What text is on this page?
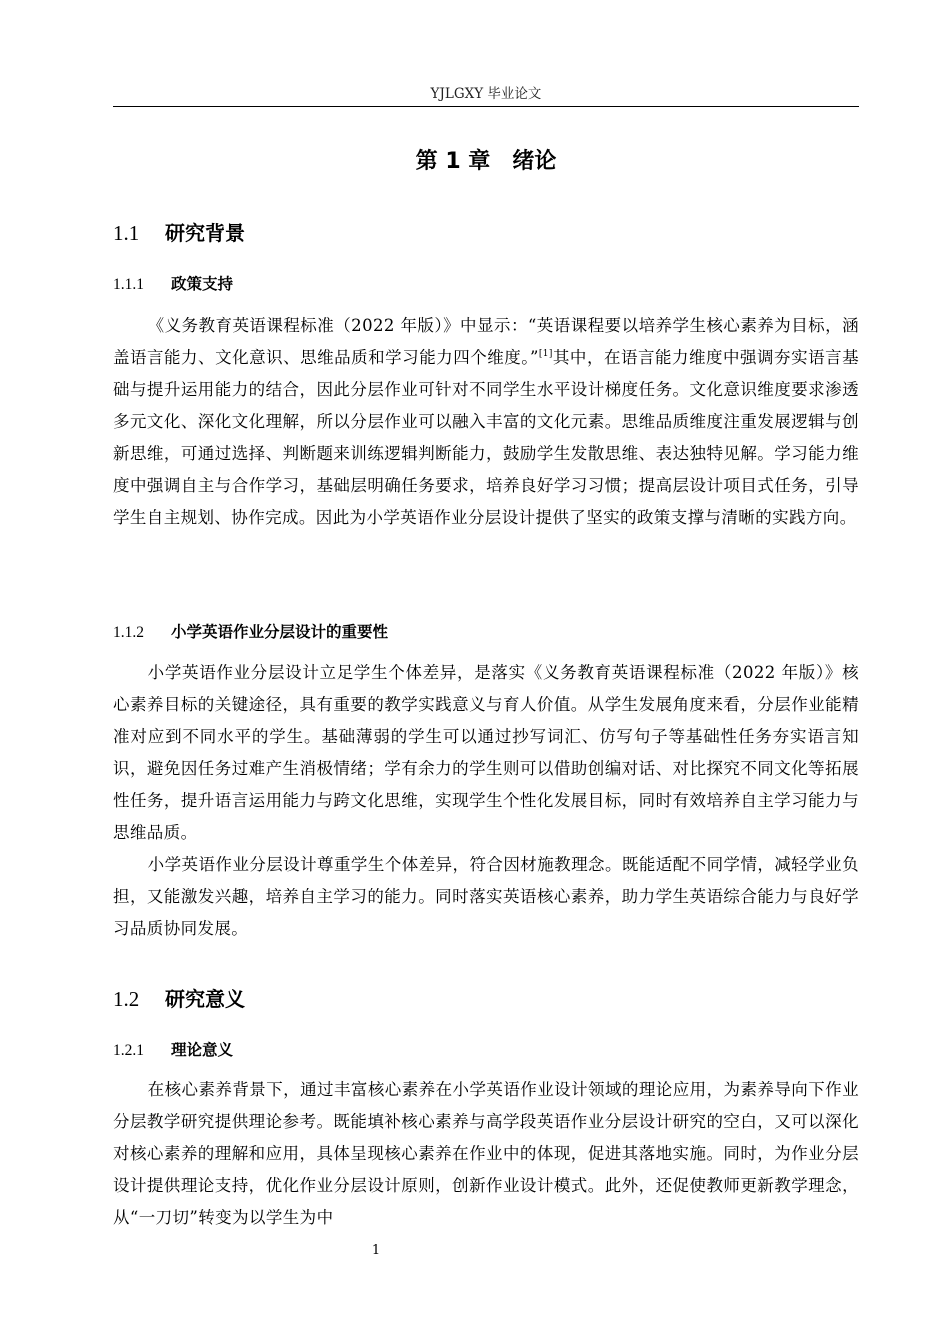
YJLGXY 毕业论文
第 1 章 绪论
1.1 研究背景
1.1.1 政策支持

《义务教育英语课程标准（2022 年版）》中显示：“英语课程要以培养学生核心素养为目标，涵盖语言能力、文化意识、思维品质和学习能力四个维度。”[1]其中，在语言能力维度中强调夯实语言基础与提升运用能力的结合，因此分层作业可针对不同学生水平设计梯度任务。文化意识维度要求渗透多元文化、深化文化理解，所以分层作业可以融入丰富的文化元素。思维品质维度注重发展逻辑与创新思维，可通过选择、判断题来训练逻辑判断能力，鼓励学生发散思维、表达独特见解。学习能力维度中强调自主与合作学习，基础层明确任务要求，培养良好学习习惯；提高层设计项目式任务，引导学生自主规划、协作完成。因此为小学英语作业分层设计提供了坚实的政策支撑与清晰的实践方向。

1.1.2 小学英语作业分层设计的重要性

小学英语作业分层设计立足学生个体差异，是落实《义务教育英语课程标准（2022 年版）》核心素养目标的关键途径，具有重要的教学实践意义与育人价值。从学生发展角度来看，分层作业能精准对应到不同水平的学生。基础薄弱的学生可以通过抄写词汇、仿写句子等基础性任务夯实语言知识，避免因任务过难产生消极情绪；学有余力的学生则可以借助创编对话、对比探究不同文化等拓展性任务，提升语言运用能力与跨文化思维，实现学生个性化发展目标，同时有效培养自主学习能力与思维品质。

小学英语作业分层设计尊重学生个体差异，符合因材施教理念。既能适配不同学情，减轻学业负担，又能激发兴趣，培养自主学习的能力。同时落实英语核心素养，助力学生英语综合能力与良好学习品质协同发展。

1.2 研究意义
1.2.1 理论意义

在核心素养背景下，通过丰富核心素养在小学英语作业设计领域的理论应用，为素养导向下作业分层教学研究提供理论参考。既能填补核心素养与高学段英语作业分层设计研究的空白，又可以深化对核心素养的理解和应用，具体呈现核心素养在作业中的体现，促进其落地实施。同时，为作业分层设计提供理论支持，优化作业分层设计原则，创新作业设计模式。此外，还促使教师更新教学理念，从“一刀切”转变为以学生为中

1
